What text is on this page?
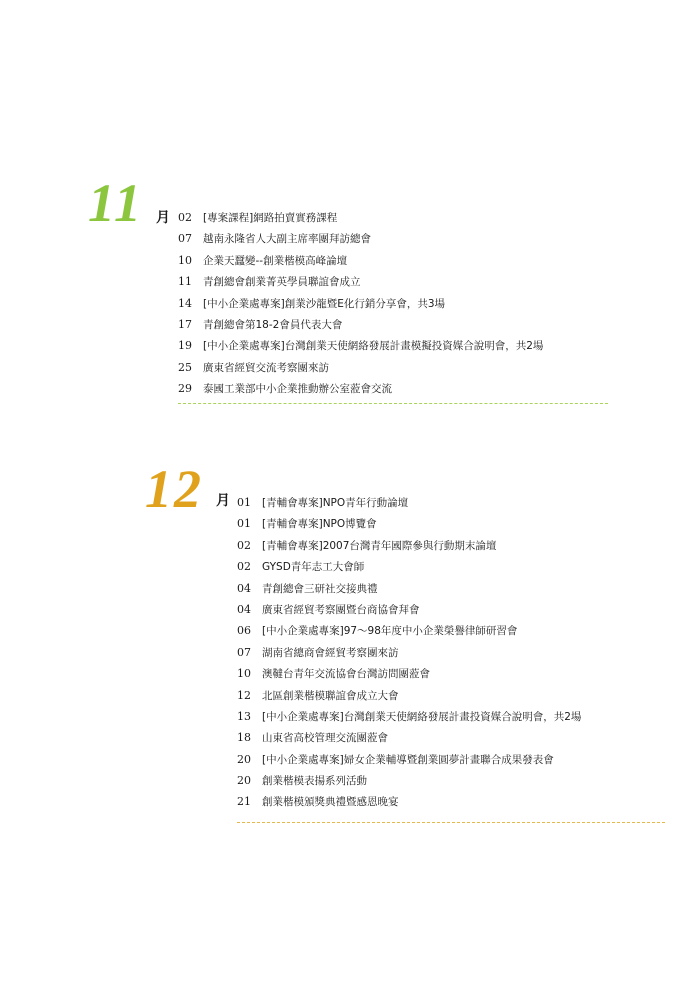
11 月 02 [專案課程]網路拍賣實務課程
07 越南永隆省人大副主席率團拜訪總會
10 企業天蠶變--創業楷模高峰論壇
11 青創總會創業菁英學員聯誼會成立
14 [中小企業處專案]創業沙龍暨E化行銷分享會，共3場
17 青創總會第18-2會員代表大會
19 [中小企業處專案]台灣創業天使網絡發展計畫模擬投資媒合說明會，共2場
25 廣東省經貿交流考察團來訪
29 泰國工業部中小企業推動辦公室蒞會交流
12 月 01 [青輔會專案]NPO青年行動論壇
01 [青輔會專案]NPO博覽會
02 [青輔會專案]2007台灣青年國際參與行動期末論壇
02 GYSD青年志工大會師
04 青創總會三研社交接典禮
04 廣東省經貿考察團暨台商協會拜會
06 [中小企業處專案]97～98年度中小企業榮譽律師研習會
07 湖南省總商會經貿考察團來訪
10 澳韃台青年交流協會台灣訪問團蒞會
12 北區創業楷模聯誼會成立大會
13 [中小企業處專案]台灣創業天使網絡發展計畫投資媒合說明會，共2場
18 山東省高校管理交流團蒞會
20 [中小企業處專案]婦女企業輔導暨創業圓夢計畫聯合成果發表會
20 創業楷模表揚系列活動
21 創業楷模頒獎典禮暨感恩晚宴
